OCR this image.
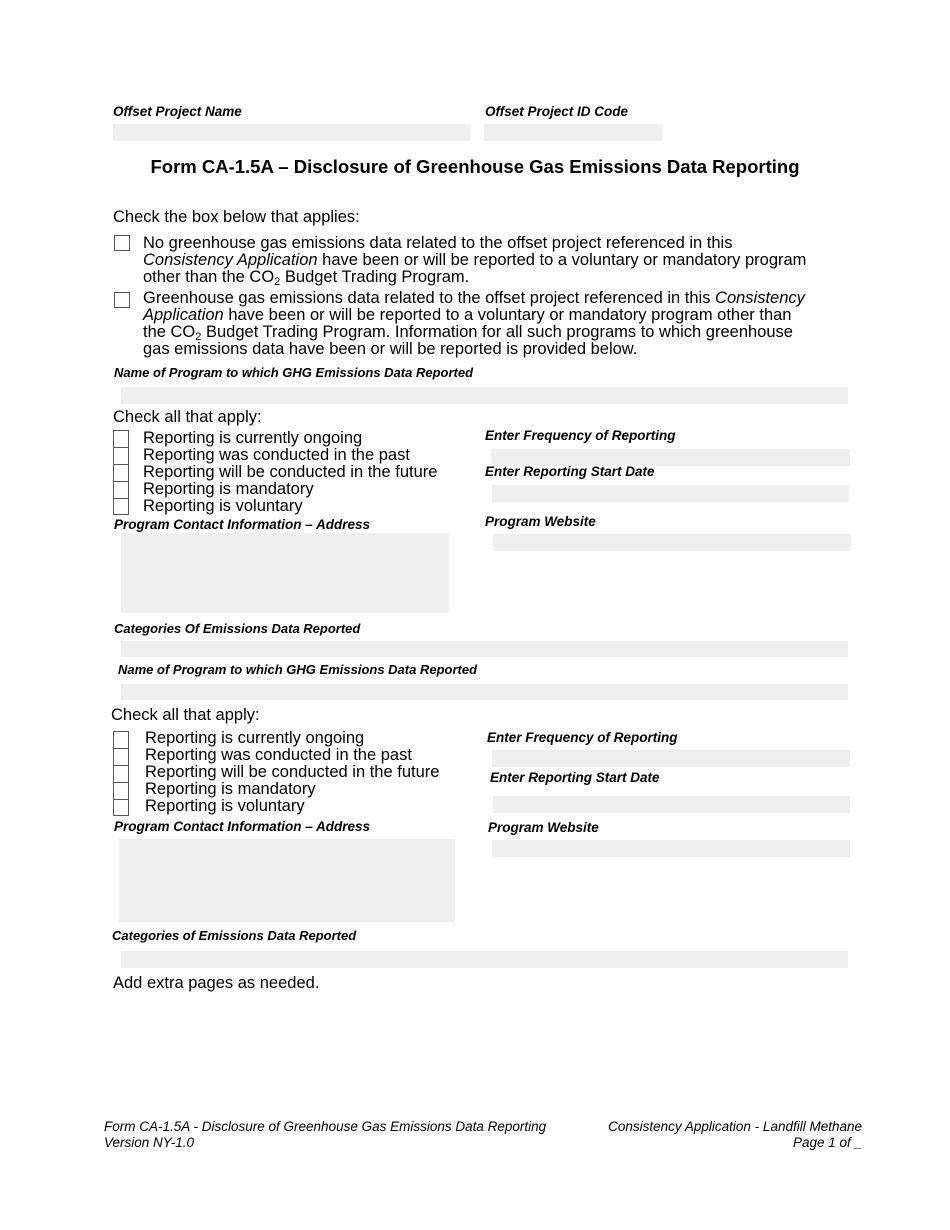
Offset Project Name	Offset Project ID Code
Form CA-1.5A – Disclosure of Greenhouse Gas Emissions Data Reporting
Check the box below that applies:
No greenhouse gas emissions data related to the offset project referenced in this
Consistency Application have been or will be reported to a voluntary or mandatory program
other than the $CO_2$ Budget Trading Program.
Greenhouse gas emissions data related to the offset project referenced in this Consistency
Application have been or will be reported to a voluntary or mandatory program other than
the $CO_2$ Budget Trading Program. Information for all such programs to which greenhouse
gas emissions data have been or will be reported is provided below.
Name of Program to which GHG Emissions Data Reported
Check all that apply:
Reporting is currently ongoing
Reporting was conducted in the past
Reporting will be conducted in the future
Reporting is mandatory
Reporting is voluntary
Enter Frequency of Reporting
Enter Reporting Start Date
Program Contact Information – Address	Program Website
Categories Of Emissions Data Reported
Name of Program to which GHG Emissions Data Reported
Check all that apply:
Reporting is currently ongoing
Reporting was conducted in the past
Reporting will be conducted in the future
Reporting is mandatory
Reporting is voluntary
Enter Frequency of Reporting
Enter Reporting Start Date
Program Contact Information – Address	Program Website
Categories of Emissions Data Reported
Add extra pages as needed.
Form CA-1.5A - Disclosure of Greenhouse Gas Emissions Data Reporting
Version NY-1.0
Consistency Application - Landfill Methane
Page 1 of _
